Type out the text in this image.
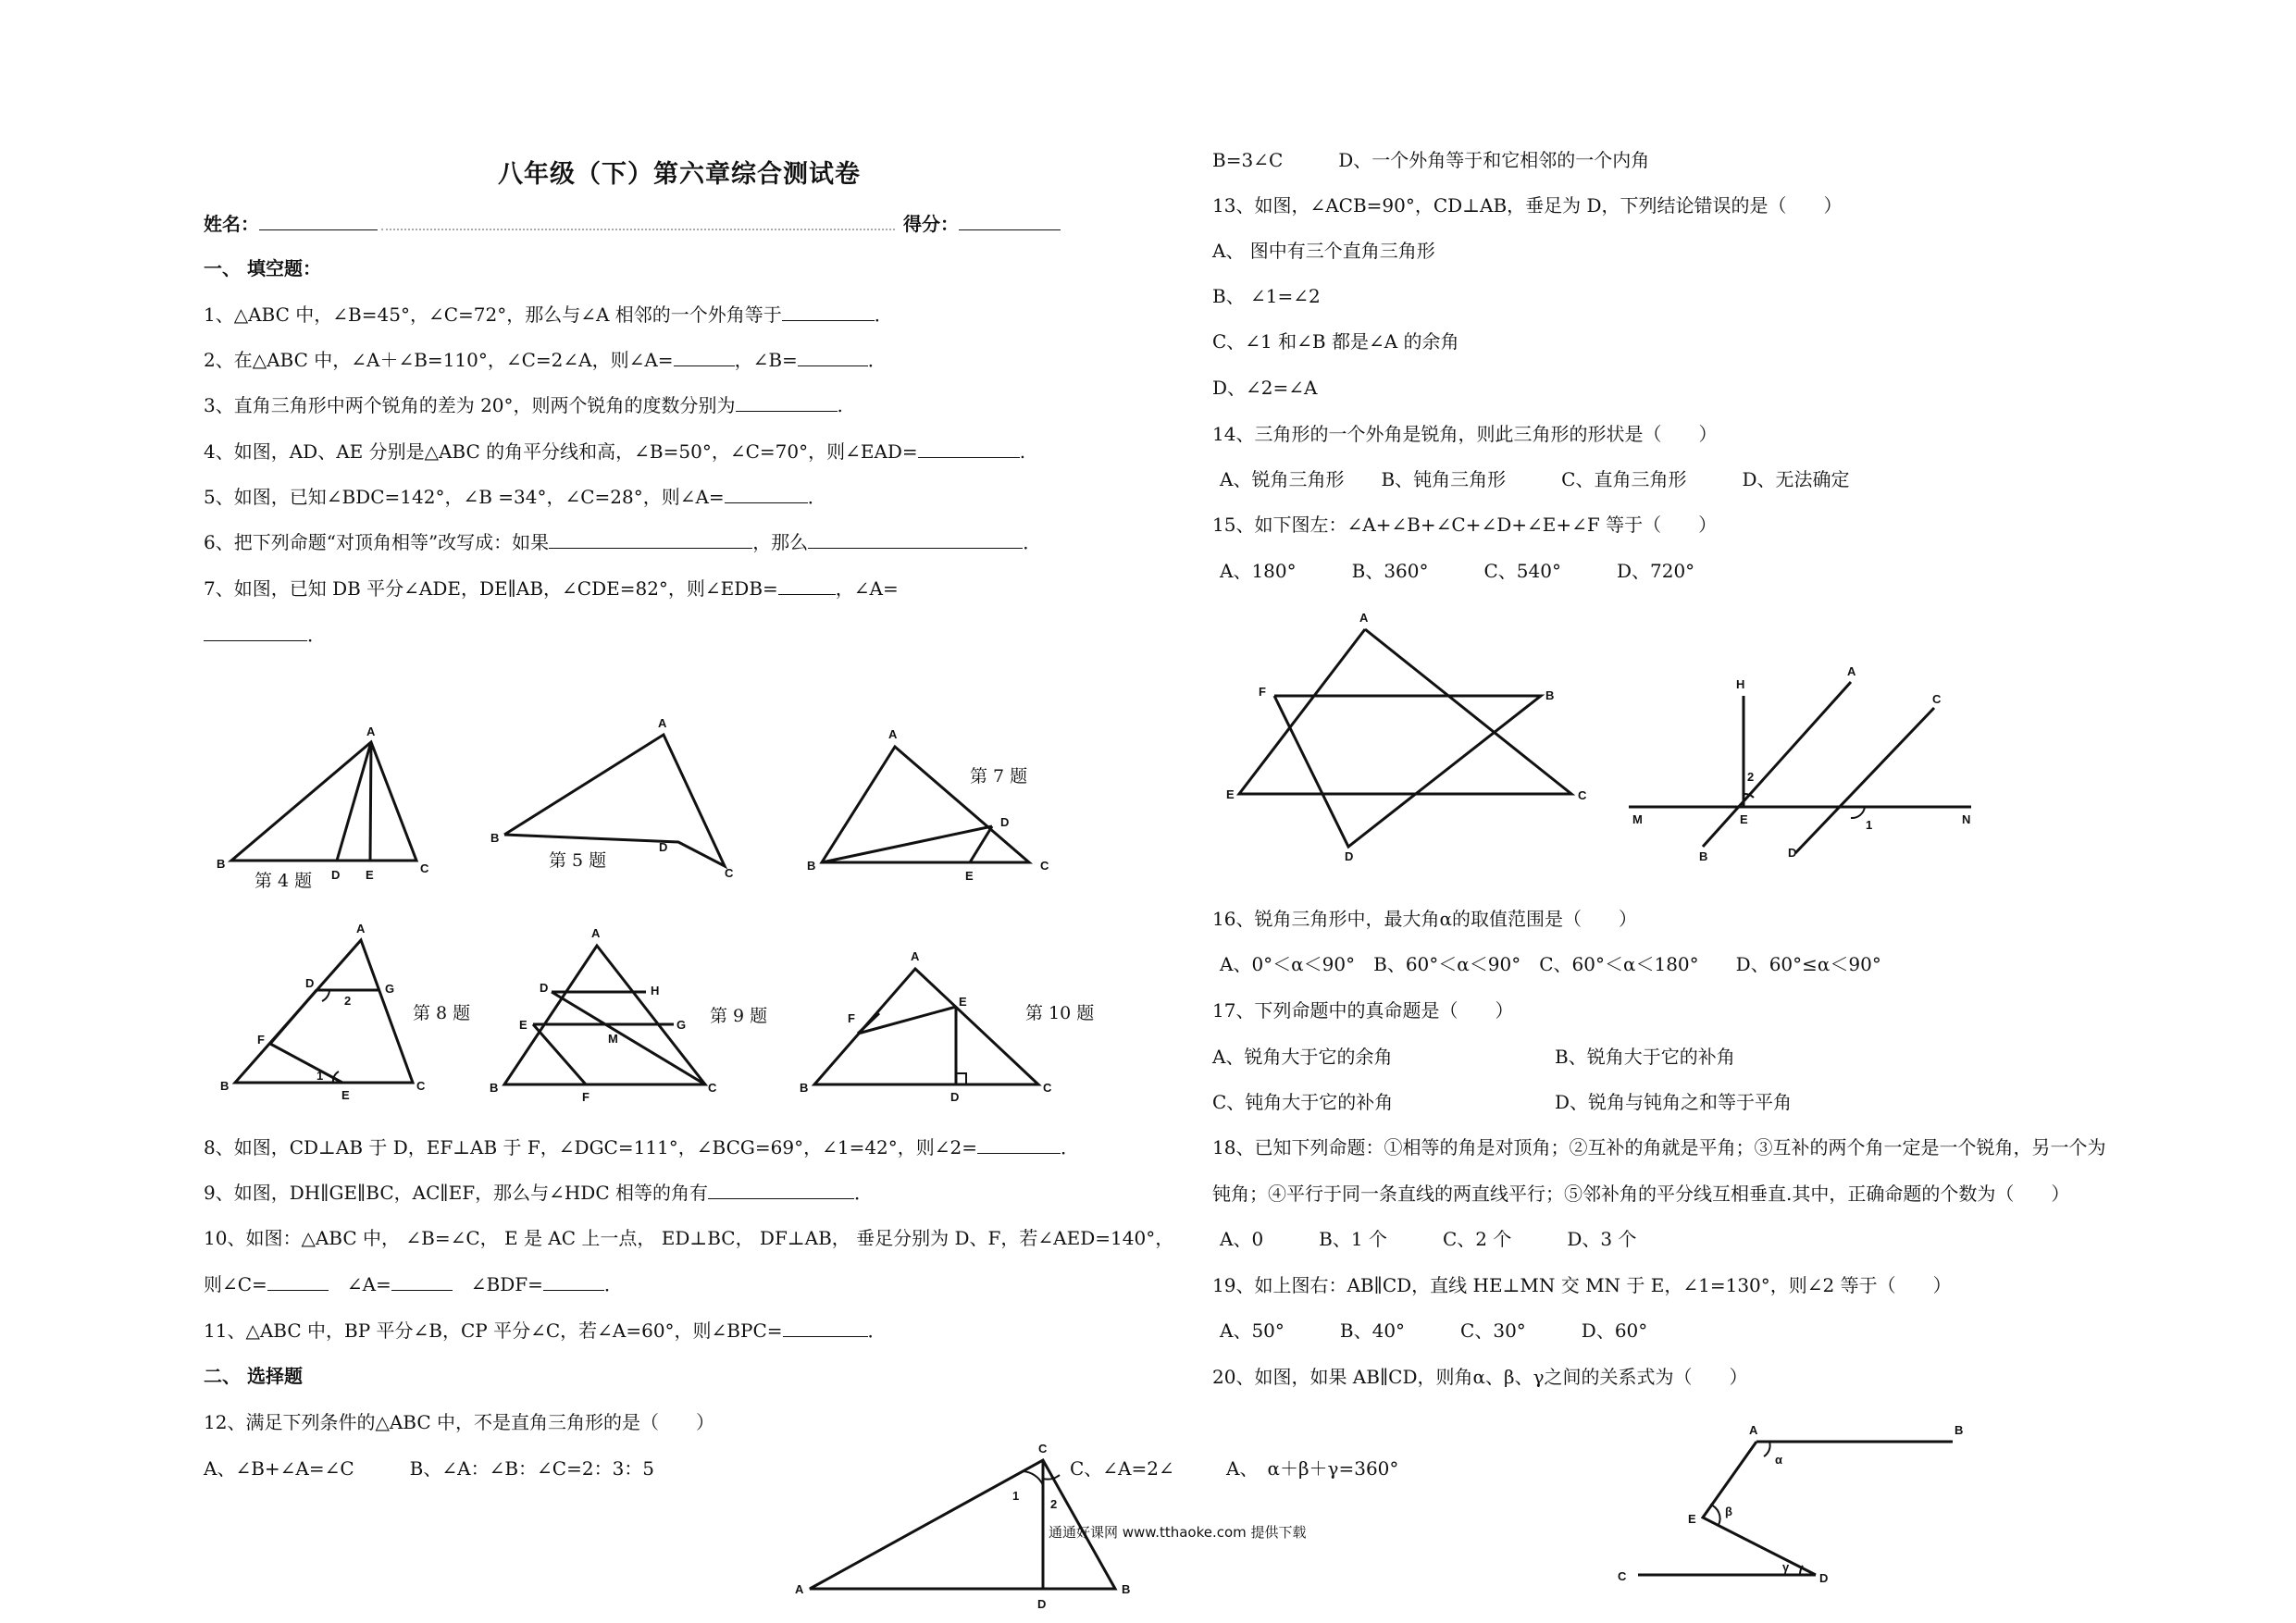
八年级（下）第六章综合测试卷
姓名：	得分：
一、 填空题：
1、△ABC 中，∠B=45°，∠C=72°，那么与∠A 相邻的一个外角等于	．
2、在△ABC 中，∠A＋∠B=110°，∠C=2∠A，则∠A=	，∠B=	．
3、直角三角形中两个锐角的差为 20°，则两个锐角的度数分别为	.
4、如图，AD、AE 分别是△ABC 的角平分线和高，∠B=50°，∠C=70°，则∠EAD=	.
5、如图，已知∠BDC=142°，∠B =34°，∠C=28°，则∠A=	．
6、把下列命题“对顶角相等”改写成：如果	，那么	．
7、如图，已知 DB 平分∠ADE，DE∥AB，∠CDE=82°，则∠EDB=	，∠A=
．
A
B	C
D E
第 4 题
A
B
C
D
第 5 题
A
B	C
D
E
第 7 题
A
B	C
D	G
F
E
2
1
第 8 题
A
B	C
D	H
E	G
M
F
第 9 题
A
B	C
F
E
D
第 10 题
8、如图，CD⊥AB 于 D，EF⊥AB 于 F，∠DGC=111°，∠BCG=69°，∠1=42°，则∠2=	．
9、如图，DH∥GE∥BC，AC∥EF，那么与∠HDC 相等的角有	．
10、如图：△ABC 中， ∠B=∠C， E 是 AC 上一点， ED⊥BC， DF⊥AB， 垂足分别为 D、F，若∠AED=140°，
则∠C=　	∠A=　	∠BDF=	．
11、△ABC 中，BP 平分∠B，CP 平分∠C，若∠A=60°，则∠BPC=	．
二、 选择题
12、满足下列条件的△ABC 中，不是直角三角形的是（　　）
A、∠B+∠A=∠C　　　B、∠A：∠B：∠C=2：3：5	C、∠A=2∠	A、　α＋β＋γ=360°
C
A	B
D
1
2
B=3∠C　　　D、一个外角等于和它相邻的一个内角
13、如图，∠ACB=90°，CD⊥AB，垂足为 D，下列结论错误的是（　　）
A、 图中有三个直角三角形
B、 ∠1=∠2
C、∠1 和∠B 都是∠A 的余角
D、∠2=∠A
14、三角形的一个外角是锐角，则此三角形的形状是（　　）
A、锐角三角形　　B、钝角三角形　　　C、直角三角形　　　D、无法确定
15、如下图左：∠A+∠B+∠C+∠D+∠E+∠F 等于（　　）
A、180°　　　B、360°　　　C、540°　　　D、720°
A
B
C
D
E
F
H
A
C
M	N
E
B	D
2
1
16、锐角三角形中，最大角α的取值范围是（　　）
A、0°＜α＜90°　B、60°＜α＜90°　C、60°＜α＜180°　　D、60°≤α＜90°
17、下列命题中的真命题是（　　）
A、锐角大于它的余角	B、锐角大于它的补角
C、钝角大于它的补角	D、锐角与钝角之和等于平角
18、已知下列命题：①相等的角是对顶角；②互补的角就是平角；③互补的两个角一定是一个锐角，另一个为
钝角；④平行于同一条直线的两直线平行；⑤邻补角的平分线互相垂直.其中，正确命题的个数为（　　）
A、0　　　B、1 个　　　C、2 个　　　D、3 个
19、如上图右：AB∥CD，直线 HE⊥MN 交 MN 于 E，∠1=130°，则∠2 等于（　　）
A、50°　　　B、40°　　　C、30°　　　D、60°
20、如图，如果 AB∥CD，则角α、β、γ之间的关系式为（　　）
A	B
E
C	D
α
β
γ
通通好课网 www.tthaoke.com 提供下载
